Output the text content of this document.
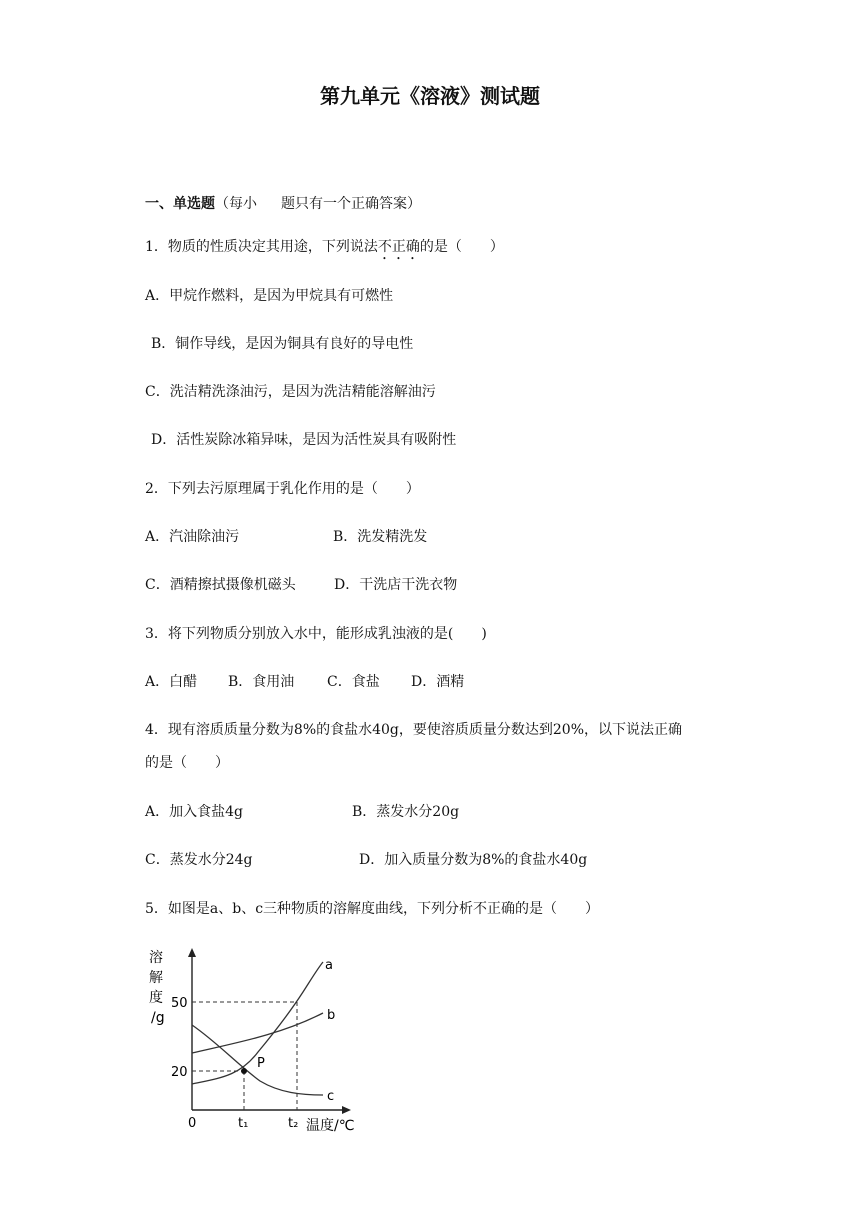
第九单元《溶液》测试题
一、单选题（每小 题只有一个正确答案）
1．物质的性质决定其用途，下列说法不正确的是（　　）
A．甲烷作燃料，是因为甲烷具有可燃性
B．铜作导线，是因为铜具有良好的导电性
C．洗洁精洗涤油污，是因为洗洁精能溶解油污
D．活性炭除冰箱异味，是因为活性炭具有吸附性
2．下列去污原理属于乳化作用的是（　　）
A．汽油除油污	B．洗发精洗发
C．酒精擦拭摄像机磁头	D．干洗店干洗衣物
3．将下列物质分别放入水中，能形成乳浊液的是(　　)
A．白醋 B．食用油 C．食盐 D．酒精
4．现有溶质质量分数为8%的食盐水40g，要使溶质质量分数达到20%，以下说法正确
的是（　　）
A．加入食盐4g	B．蒸发水分20g
C．蒸发水分24g	D．加入质量分数为8%的食盐水40g
5．如图是a、b、c三种物质的溶解度曲线，下列分析不正确的是（　　）
P
a
b
c
溶
解
度
/g
50
20
0	t₁	t₂ 温度/℃
